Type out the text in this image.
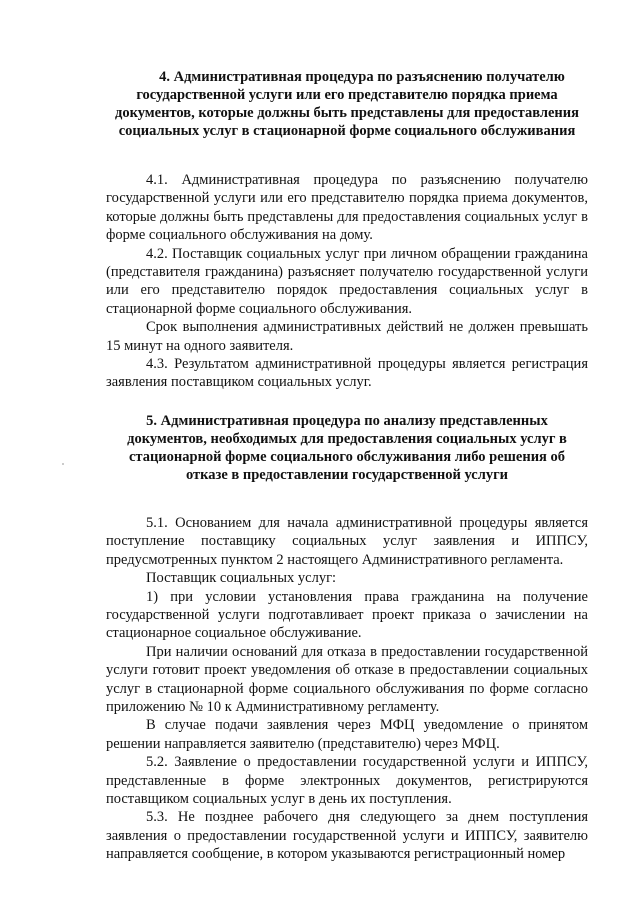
4. Административная процедура по разъяснению получателю
государственной услуги или его представителю порядка приема
документов, которые должны быть представлены для предоставления
социальных услуг в стационарной форме социального обслуживания

4.1. Административная процедура по разъяснению получателю государственной услуги или его представителю порядка приема документов, которые должны быть представлены для предоставления социальных услуг в форме социального обслуживания на дому.

4.2. Поставщик социальных услуг при личном обращении гражданина (представителя гражданина) разъясняет получателю государственной услуги или его представителю порядок предоставления социальных услуг в стационарной форме социального обслуживания.

Срок выполнения административных действий не должен превышать 15 минут на одного заявителя.

4.3. Результатом административной процедуры является регистрация заявления поставщиком социальных услуг.

5. Административная процедура по анализу представленных
документов, необходимых для предоставления социальных услуг в
стационарной форме социального обслуживания либо решения об
отказе в предоставлении государственной услуги

5.1. Основанием для начала административной процедуры является поступление поставщику социальных услуг заявления и ИППСУ, предусмотренных пунктом 2 настоящего Административного регламента.

Поставщик социальных услуг:

1) при условии установления права гражданина на получение государственной услуги подготавливает проект приказа о зачислении на стационарное социальное обслуживание.

При наличии оснований для отказа в предоставлении государственной услуги готовит проект уведомления об отказе в предоставлении социальных услуг в стационарной форме социального обслуживания по форме согласно приложению № 10 к Административному регламенту.

В случае подачи заявления через МФЦ уведомление о принятом решении направляется заявителю (представителю) через МФЦ.

5.2. Заявление о предоставлении государственной услуги и ИППСУ, представленные в форме электронных документов, регистрируются поставщиком социальных услуг в день их поступления.

5.3. Не позднее рабочего дня следующего за днем поступления заявления о предоставлении государственной услуги и ИППСУ, заявителю направляется сообщение, в котором указываются регистрационный номер
